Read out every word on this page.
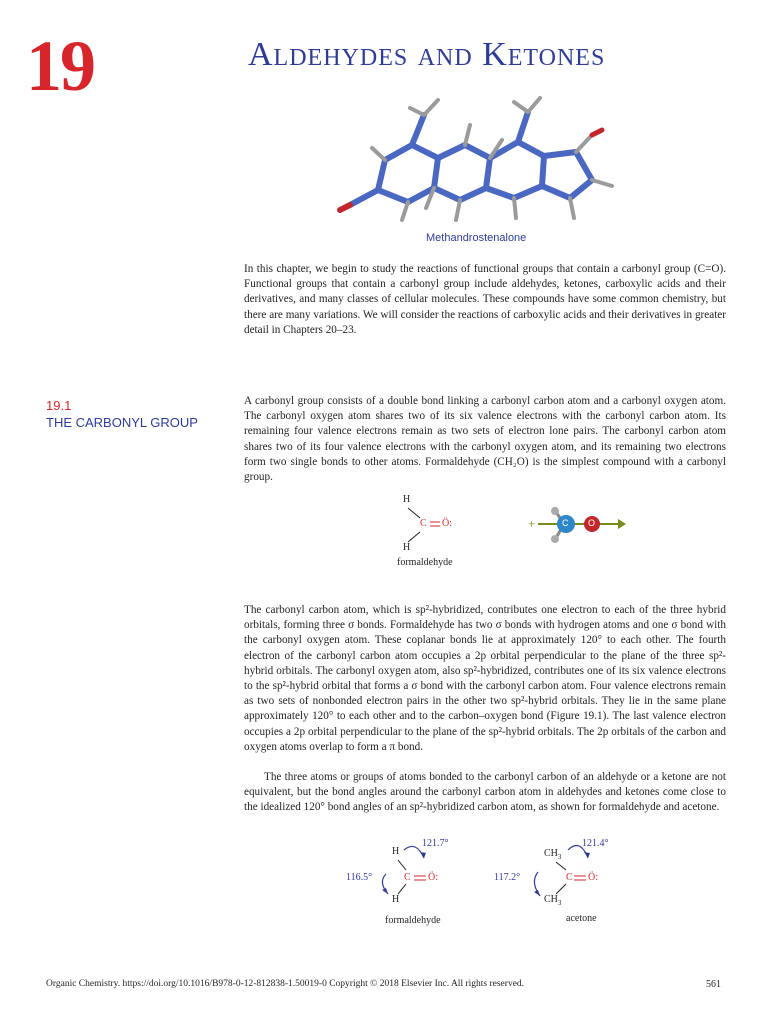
19	Aldehydes and Ketones
Methandrostenalone

In this chapter, we begin to study the reactions of functional groups that contain a carbonyl group (C=O). Functional groups that contain a carbonyl group include aldehydes, ketones, carboxylic acids and their derivatives, and many classes of cellular molecules. These compounds have some common chemistry, but there are many variations. We will consider the reactions of carboxylic acids and their derivatives in greater detail in Chapters 20–23.

19.1
THE CARBONYL GROUP

A carbonyl group consists of a double bond linking a carbonyl carbon atom and a carbonyl oxygen atom. The carbonyl oxygen atom shares two of its six valence electrons with the carbonyl carbon atom. Its remaining four valence electrons remain as two sets of electron lone pairs. The carbonyl carbon atom shares two of its four valence electrons with the carbonyl oxygen atom, and its remaining two electrons form two single bonds to other atoms. Formaldehyde (CH₂O) is the simplest compound with a carbonyl group.

H
C Ö:
H
formaldehyde
+	C O

The carbonyl carbon atom, which is sp²-hybridized, contributes one electron to each of the three hybrid orbitals, forming three σ bonds. Formaldehyde has two σ bonds with hydrogen atoms and one σ bond with the carbonyl oxygen atom. These coplanar bonds lie at approximately 120° to each other. The fourth electron of the carbonyl carbon atom occupies a 2p orbital perpendicular to the plane of the three sp²-hybrid orbitals. The carbonyl oxygen atom, also sp²-hybridized, contributes one of its six valence electrons to the sp²-hybrid orbital that forms a σ bond with the carbonyl carbon atom. Four valence electrons remain as two sets of nonbonded electron pairs in the other two sp²-hybrid orbitals. They lie in the same plane approximately 120° to each other and to the carbon–oxygen bond (Figure 19.1). The last valence electron occupies a 2p orbital perpendicular to the plane of the sp²-hybrid orbitals. The 2p orbitals of the carbon and oxygen atoms overlap to form a π bond.

The three atoms or groups of atoms bonded to the carbonyl carbon of an aldehyde or a ketone are not equivalent, but the bond angles around the carbonyl carbon atom in aldehydes and ketones come close to the idealized 120° bond angles of an sp²-hybridized carbon atom, as shown for formaldehyde and acetone.

H
C Ö:
H
121.7°
116.5°
formaldehyde
$CH_3$
C Ö:
$CH_3$
121.4°
117.2°
acetone
Organic Chemistry. https://doi.org/10.1016/B978-0-12-812838-1.50019-0 Copyright © 2018 Elsevier Inc. All rights reserved.	561
